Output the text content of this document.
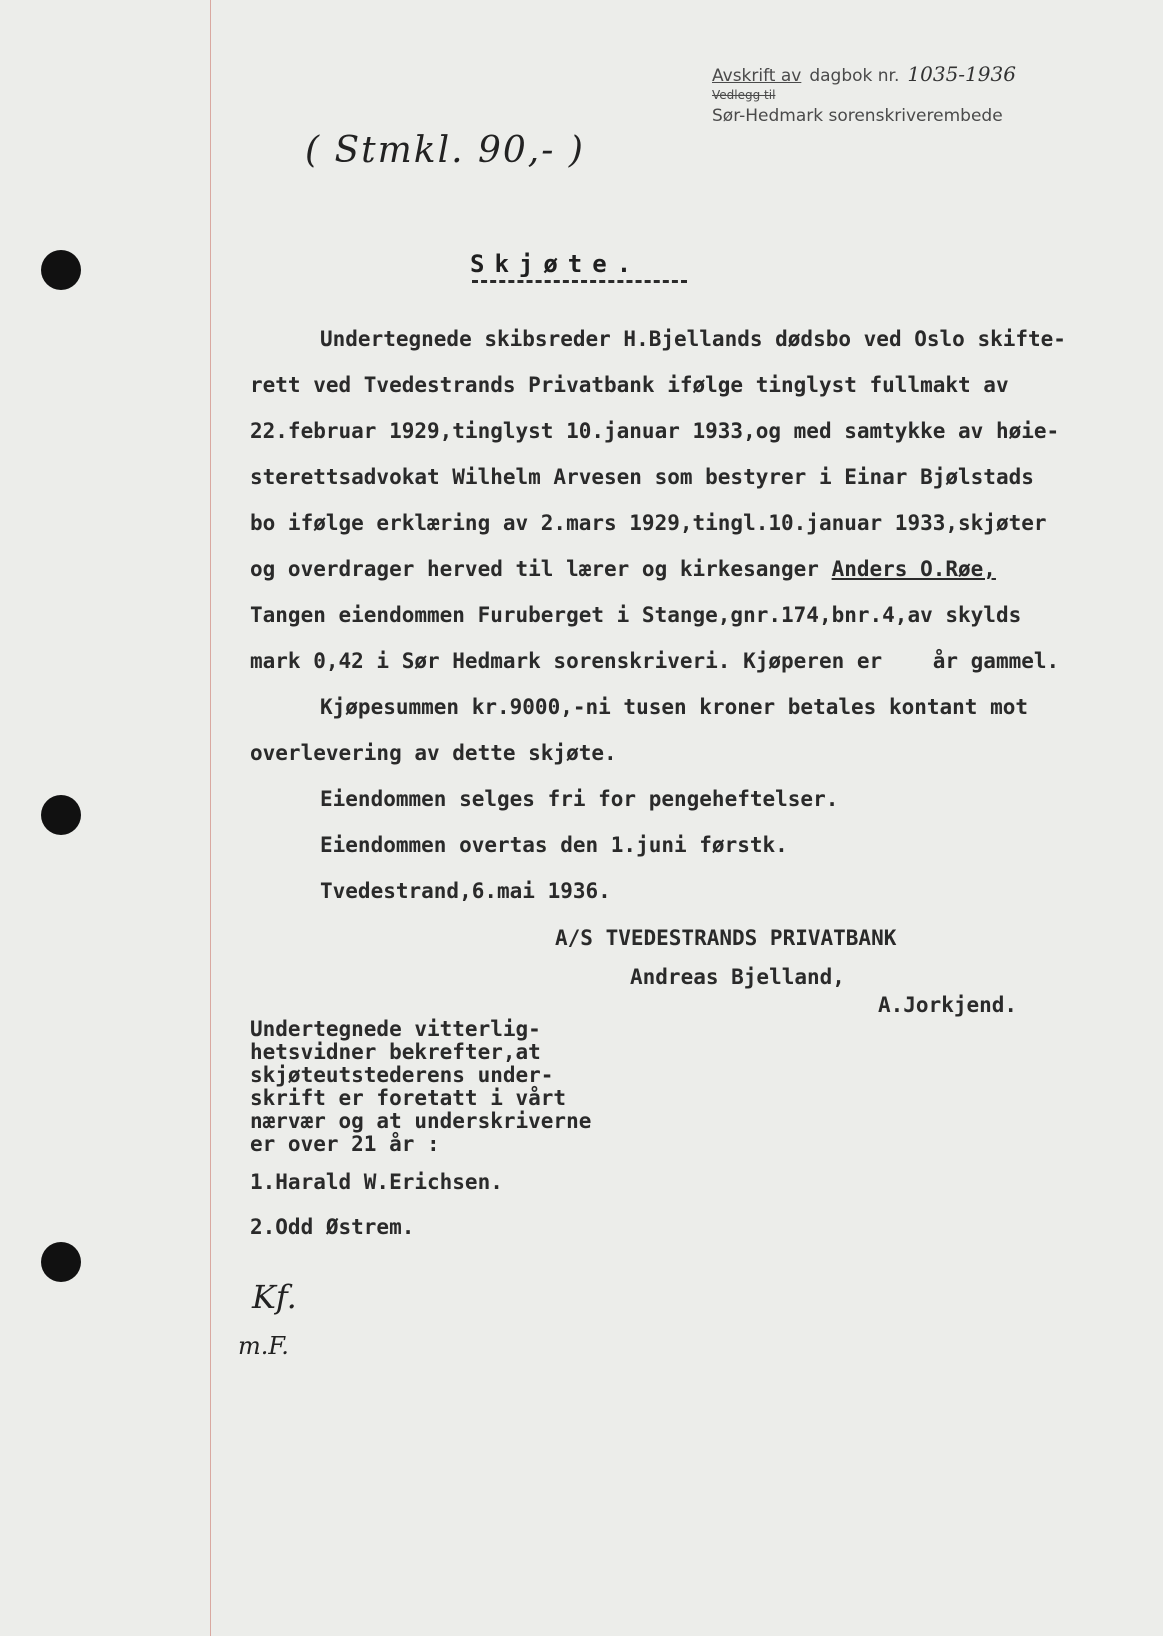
Avskrift av dagbok nr. 1035-1936
Vedlegg til
Sør-Hedmark sorenskriverembede
( Stmkl. 90,- )
Skjøte.
Undertegnede skibsreder H.Bjellands dødsbo ved Oslo skifte-
rett ved Tvedestrands Privatbank ifølge tinglyst fullmakt av
22.februar 1929,tinglyst 10.januar 1933,og med samtykke av høie-
sterettsadvokat Wilhelm Arvesen som bestyrer i Einar Bjølstads
bo ifølge erklæring av 2.mars 1929,tingl.10.januar 1933,skjøter
og overdrager herved til lærer og kirkesanger Anders O.Røe,
Tangen eiendommen Furuberget i Stange,gnr.174,bnr.4,av skylds
mark 0,42 i Sør Hedmark sorenskriveri. Kjøperen er    år gammel.
Kjøpesummen kr.9000,-ni tusen kroner betales kontant mot
overlevering av dette skjøte.
Eiendommen selges fri for pengeheftelser.
Eiendommen overtas den 1.juni førstk.
Tvedestrand,6.mai 1936.
A/S TVEDESTRANDS PRIVATBANK
Andreas Bjelland,
A.Jorkjend.
Undertegnede vitterlig-
hetsvidner bekrefter,at
skjøteutstederens under-
skrift er foretatt i vårt
nærvær og at underskriverne
er over 21 år :
1.Harald W.Erichsen.
2.Odd Østrem.
Kf.
m.F.
